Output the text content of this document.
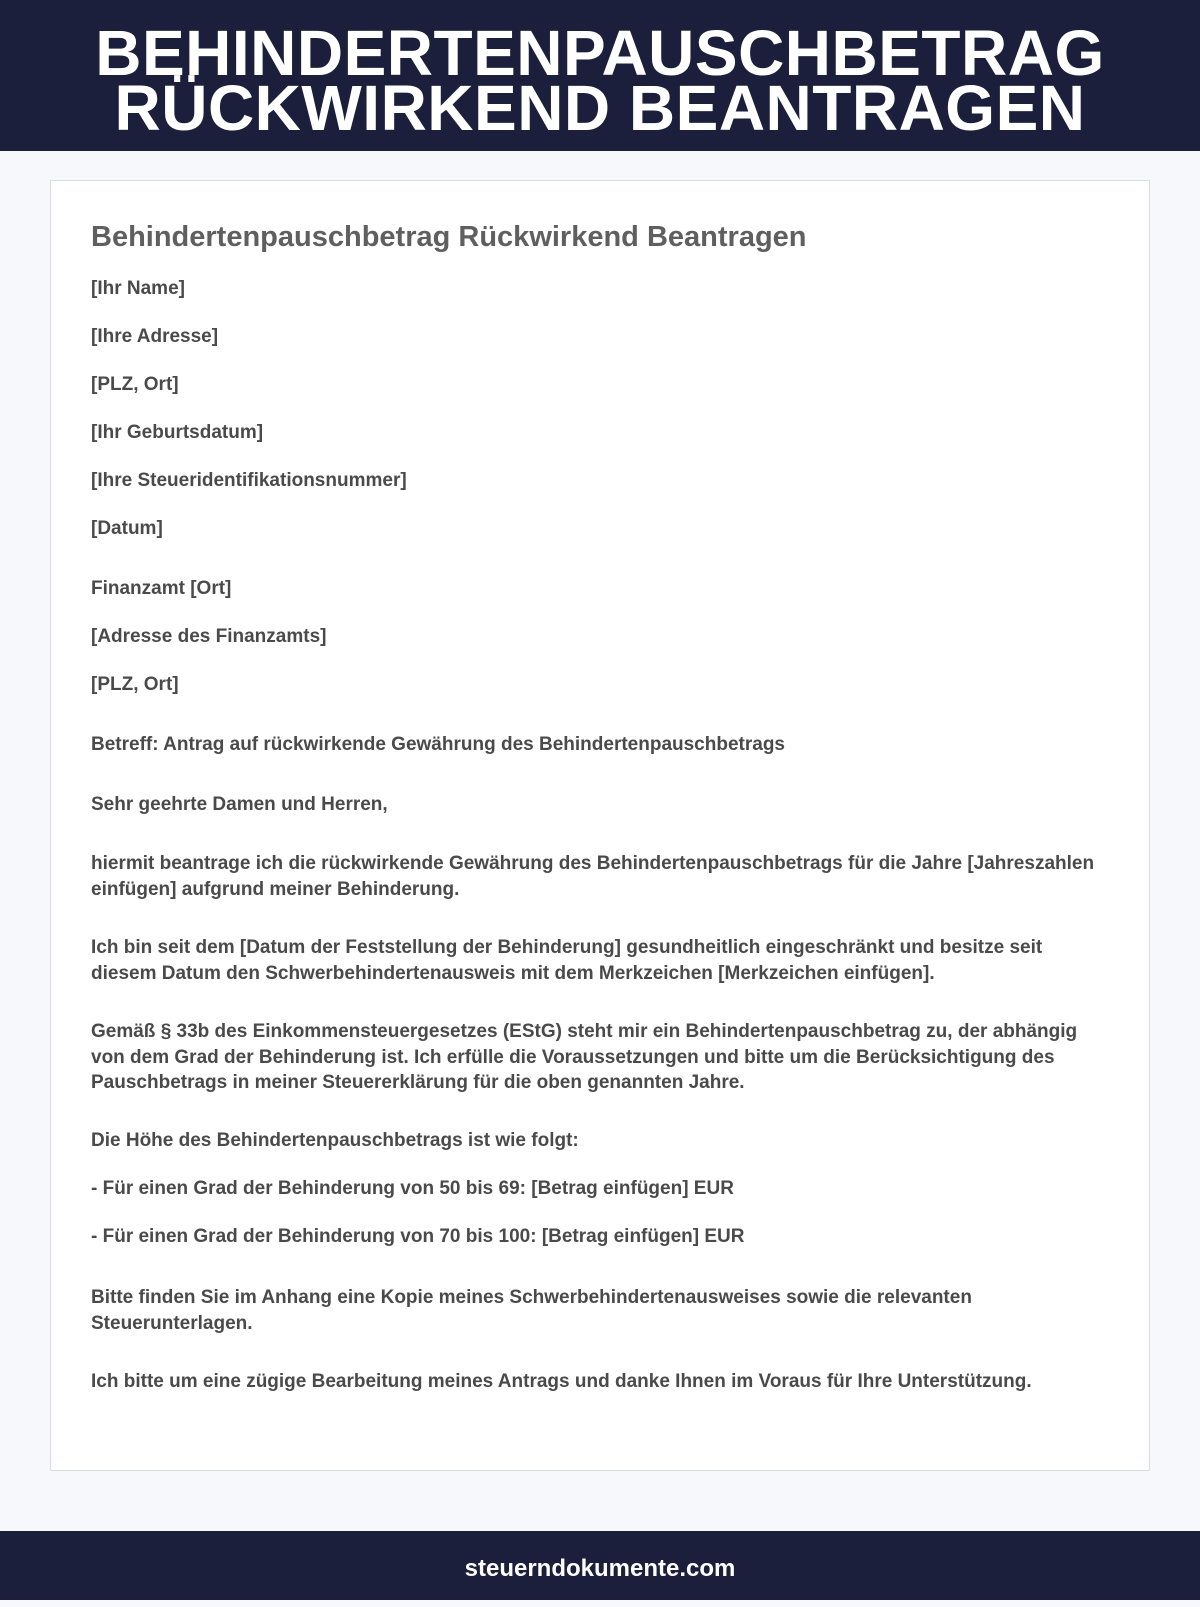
BEHINDERTENPAUSCHBETRAG
RÜCKWIRKEND BEANTRAGEN
Behindertenpauschbetrag Rückwirkend Beantragen

[Ihr Name]

[Ihre Adresse]

[PLZ, Ort]

[Ihr Geburtsdatum]

[Ihre Steueridentifikationsnummer]

[Datum]

Finanzamt [Ort]

[Adresse des Finanzamts]

[PLZ, Ort]

Betreff: Antrag auf rückwirkende Gewährung des Behindertenpauschbetrags

Sehr geehrte Damen und Herren,

hiermit beantrage ich die rückwirkende Gewährung des Behindertenpauschbetrags für die Jahre [Jahreszahlen einfügen] aufgrund meiner Behinderung.

Ich bin seit dem [Datum der Feststellung der Behinderung] gesundheitlich eingeschränkt und besitze seit diesem Datum den Schwerbehindertenausweis mit dem Merkzeichen [Merkzeichen einfügen].

Gemäß § 33b des Einkommensteuergesetzes (EStG) steht mir ein Behindertenpauschbetrag zu, der abhängig von dem Grad der Behinderung ist. Ich erfülle die Voraussetzungen und bitte um die Berücksichtigung des Pauschbetrags in meiner Steuererklärung für die oben genannten Jahre.

Die Höhe des Behindertenpauschbetrags ist wie folgt:

- Für einen Grad der Behinderung von 50 bis 69: [Betrag einfügen] EUR

- Für einen Grad der Behinderung von 70 bis 100: [Betrag einfügen] EUR

Bitte finden Sie im Anhang eine Kopie meines Schwerbehindertenausweises sowie die relevanten Steuerunterlagen.

Ich bitte um eine zügige Bearbeitung meines Antrags und danke Ihnen im Voraus für Ihre Unterstützung.

steuerndokumente.com
